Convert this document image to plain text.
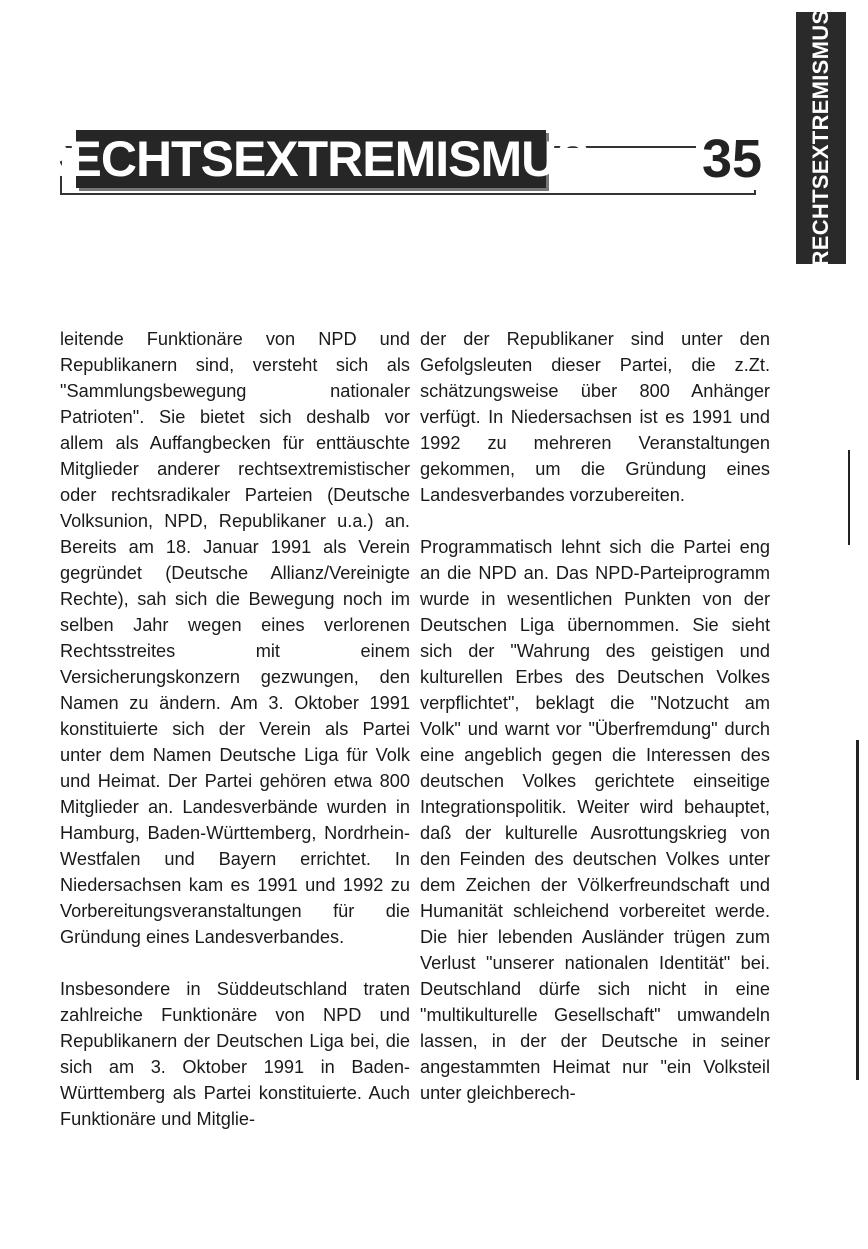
RECHTSEXTREMISMUS
RECHTSEXTREMISMUS 35

leitende Funktionäre von NPD und Republikanern sind, versteht sich als "Sammlungsbewegung nationaler Patrioten". Sie bietet sich deshalb vor allem als Auffangbecken für enttäuschte Mitglieder anderer rechtsextremistischer oder rechtsradikaler Parteien (Deutsche Volksunion, NPD, Republikaner u.a.) an. Bereits am 18. Januar 1991 als Verein gegründet (Deutsche Allianz/Vereinigte Rechte), sah sich die Bewegung noch im selben Jahr wegen eines verlorenen Rechtsstreites mit einem Versicherungskonzern gezwungen, den Namen zu ändern. Am 3. Oktober 1991 konstituierte sich der Verein als Partei unter dem Namen Deutsche Liga für Volk und Heimat. Der Partei gehören etwa 800 Mitglieder an. Landesverbände wurden in Hamburg, Baden-Württemberg, Nordrhein-Westfalen und Bayern errichtet. In Niedersachsen kam es 1991 und 1992 zu Vorbereitungsveranstaltungen für die Gründung eines Landesverbandes.

Insbesondere in Süddeutschland traten zahlreiche Funktionäre von NPD und Republikanern der Deutschen Liga bei, die sich am 3. Oktober 1991 in Baden-Württemberg als Partei konstituierte. Auch Funktionäre und Mitglie-

der der Republikaner sind unter den Gefolgsleuten dieser Partei, die z.Zt. schätzungsweise über 800 Anhänger verfügt. In Niedersachsen ist es 1991 und 1992 zu mehreren Veranstaltungen gekommen, um die Gründung eines Landesverbandes vorzubereiten.

Programmatisch lehnt sich die Partei eng an die NPD an. Das NPD-Parteiprogramm wurde in wesentlichen Punkten von der Deutschen Liga übernommen. Sie sieht sich der "Wahrung des geistigen und kulturellen Erbes des Deutschen Volkes verpflichtet", beklagt die "Notzucht am Volk" und warnt vor "Überfremdung" durch eine angeblich gegen die Interessen des deutschen Volkes gerichtete einseitige Integrationspolitik. Weiter wird behauptet, daß der kulturelle Ausrottungskrieg von den Feinden des deutschen Volkes unter dem Zeichen der Völkerfreundschaft und Humanität schleichend vorbereitet werde. Die hier lebenden Ausländer trügen zum Verlust "unserer nationalen Identität" bei. Deutschland dürfe sich nicht in eine "multikulturelle Gesellschaft" umwandeln lassen, in der der Deutsche in seiner angestammten Heimat nur "ein Volksteil unter gleichberech-
